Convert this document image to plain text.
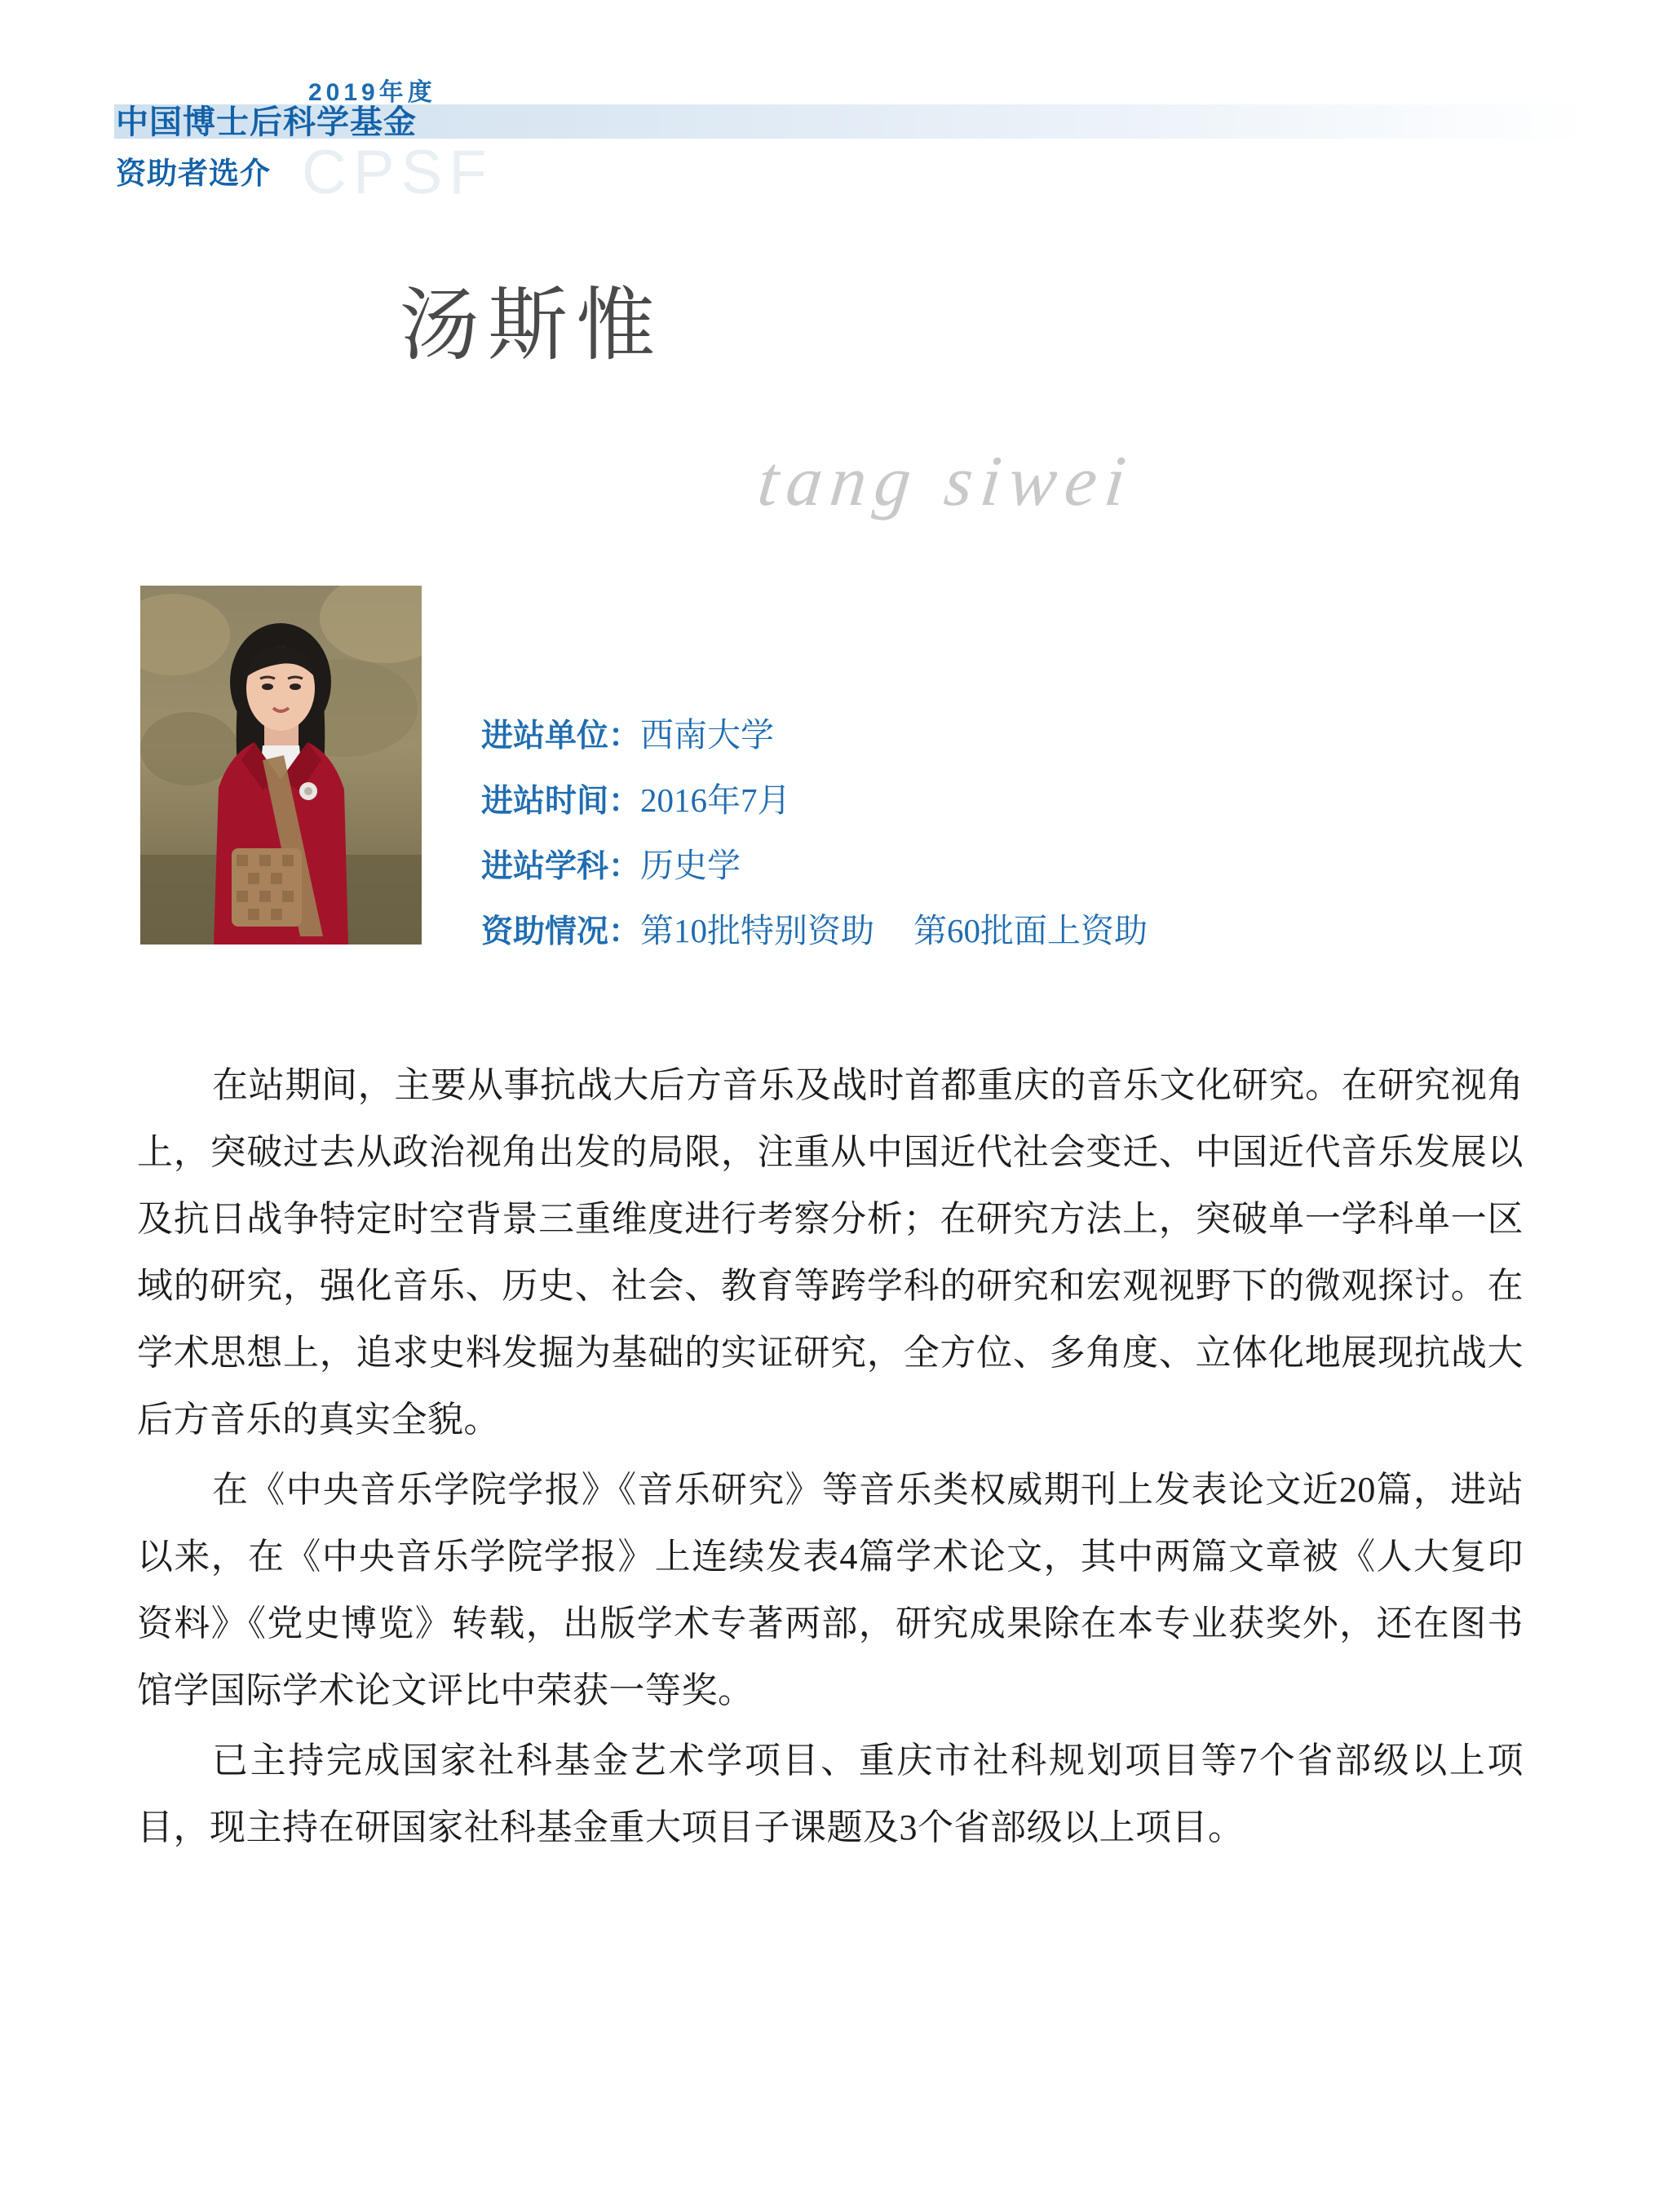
2019年度
CPSF
中国博士后科学基金
资助者选介
汤斯惟
tang siwei
进站单位：西南大学
进站时间：2016年7月
进站学科：历史学
资助情况：第10批特别资助 第60批面上资助

在站期间，主要从事抗战大后方音乐及战时首都重庆的音乐文化研究。在研究视角上，突破过去从政治视角出发的局限，注重从中国近代社会变迁、中国近代音乐发展以及抗日战争特定时空背景三重维度进行考察分析；在研究方法上，突破单一学科单一区域的研究，强化音乐、历史、社会、教育等跨学科的研究和宏观视野下的微观探讨。在学术思想上，追求史料发掘为基础的实证研究，全方位、多角度、立体化地展现抗战大后方音乐的真实全貌。

在《中央音乐学院学报》《音乐研究》等音乐类权威期刊上发表论文近20篇，进站以来，在《中央音乐学院学报》上连续发表4篇学术论文，其中两篇文章被《人大复印资料》《党史博览》转载，出版学术专著两部，研究成果除在本专业获奖外，还在图书馆学国际学术论文评比中荣获一等奖。

已主持完成国家社科基金艺术学项目、重庆市社科规划项目等7个省部级以上项目，现主持在研国家社科基金重大项目子课题及3个省部级以上项目。
